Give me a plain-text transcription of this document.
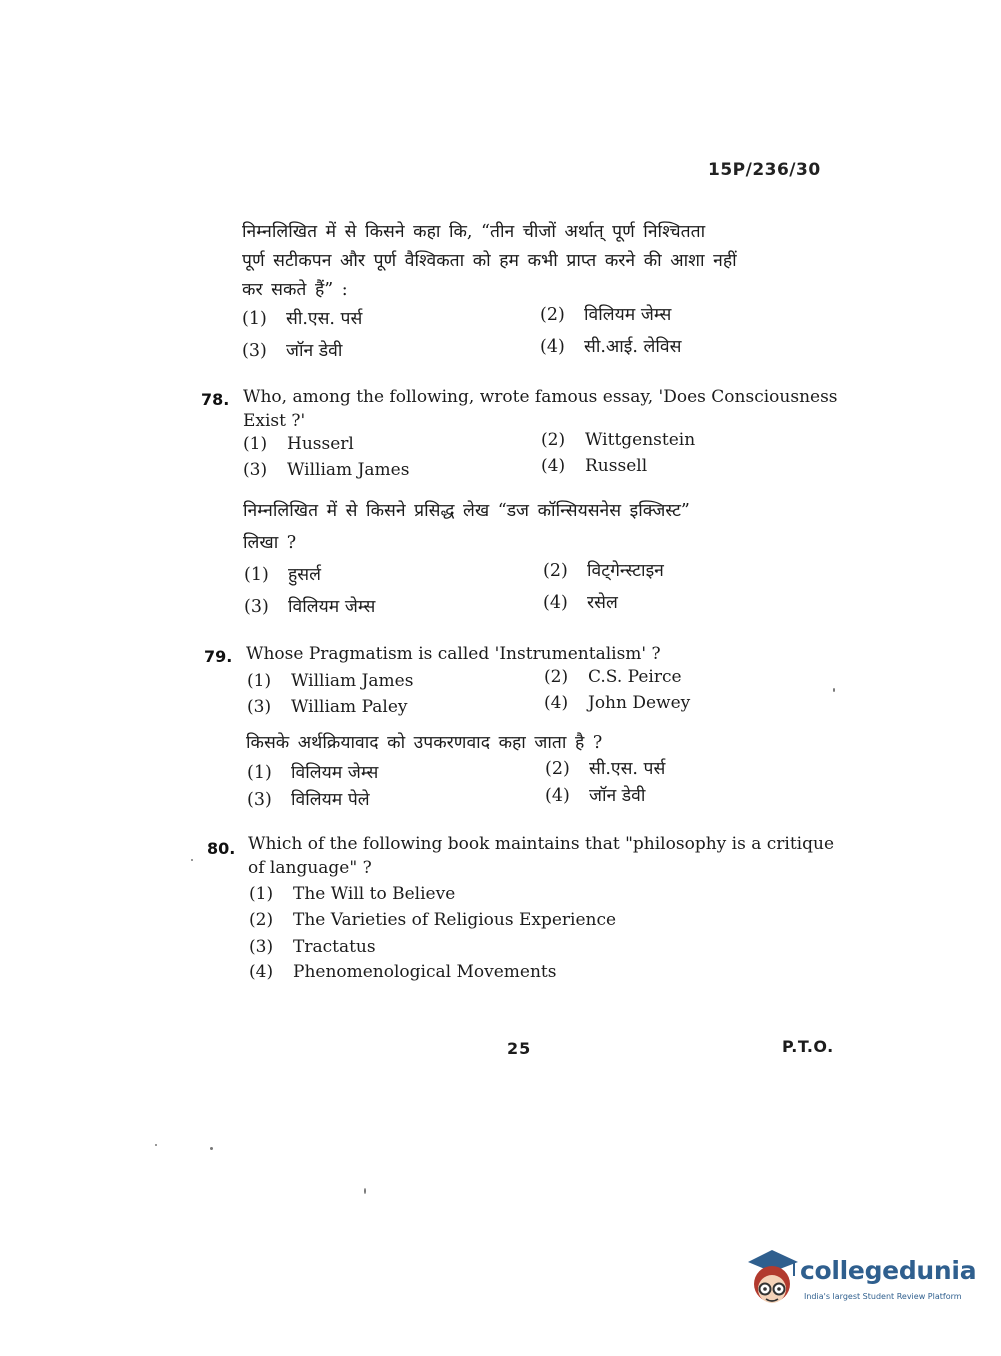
15P/236/30
निम्नलिखित में से किसने कहा कि, “तीन चीजों अर्थात् पूर्ण निश्चितता
पूर्ण सटीकपन और पूर्ण वैश्विकता को हम कभी प्राप्त करने की आशा नहीं
कर सकते हैं” :
(1) सी.एस. पर्स	(2) विलियम जेम्स
(3) जॉन डेवी	(4) सी.आई. लेविस
78. Who, among the following, wrote famous essay, 'Does Consciousness
Exist ?'
(1) Husserl	(2) Wittgenstein
(3) William James	(4) Russell
निम्नलिखित में से किसने प्रसिद्ध लेख “डज कॉन्सियसनेस इक्जिस्ट”
लिखा ?
(1) हुसर्ल	(2) विट्गेन्स्टाइन
(3) विलियम जेम्स	(4) रसेल
79. Whose Pragmatism is called 'Instrumentalism' ?
(1) William James	(2) C.S. Peirce
(3) William Paley	(4) John Dewey
किसके अर्थक्रियावाद को उपकरणवाद कहा जाता है ?
(1) विलियम जेम्स	(2) सी.एस. पर्स
(3) विलियम पेले	(4) जॉन डेवी
80. Which of the following book maintains that "philosophy is a critique
of language" ?
(1) The Will to Believe
(2) The Varieties of Religious Experience
(3) Tractatus
(4) Phenomenological Movements
25	P.T.O.
collegedunia
India's largest Student Review Platform
